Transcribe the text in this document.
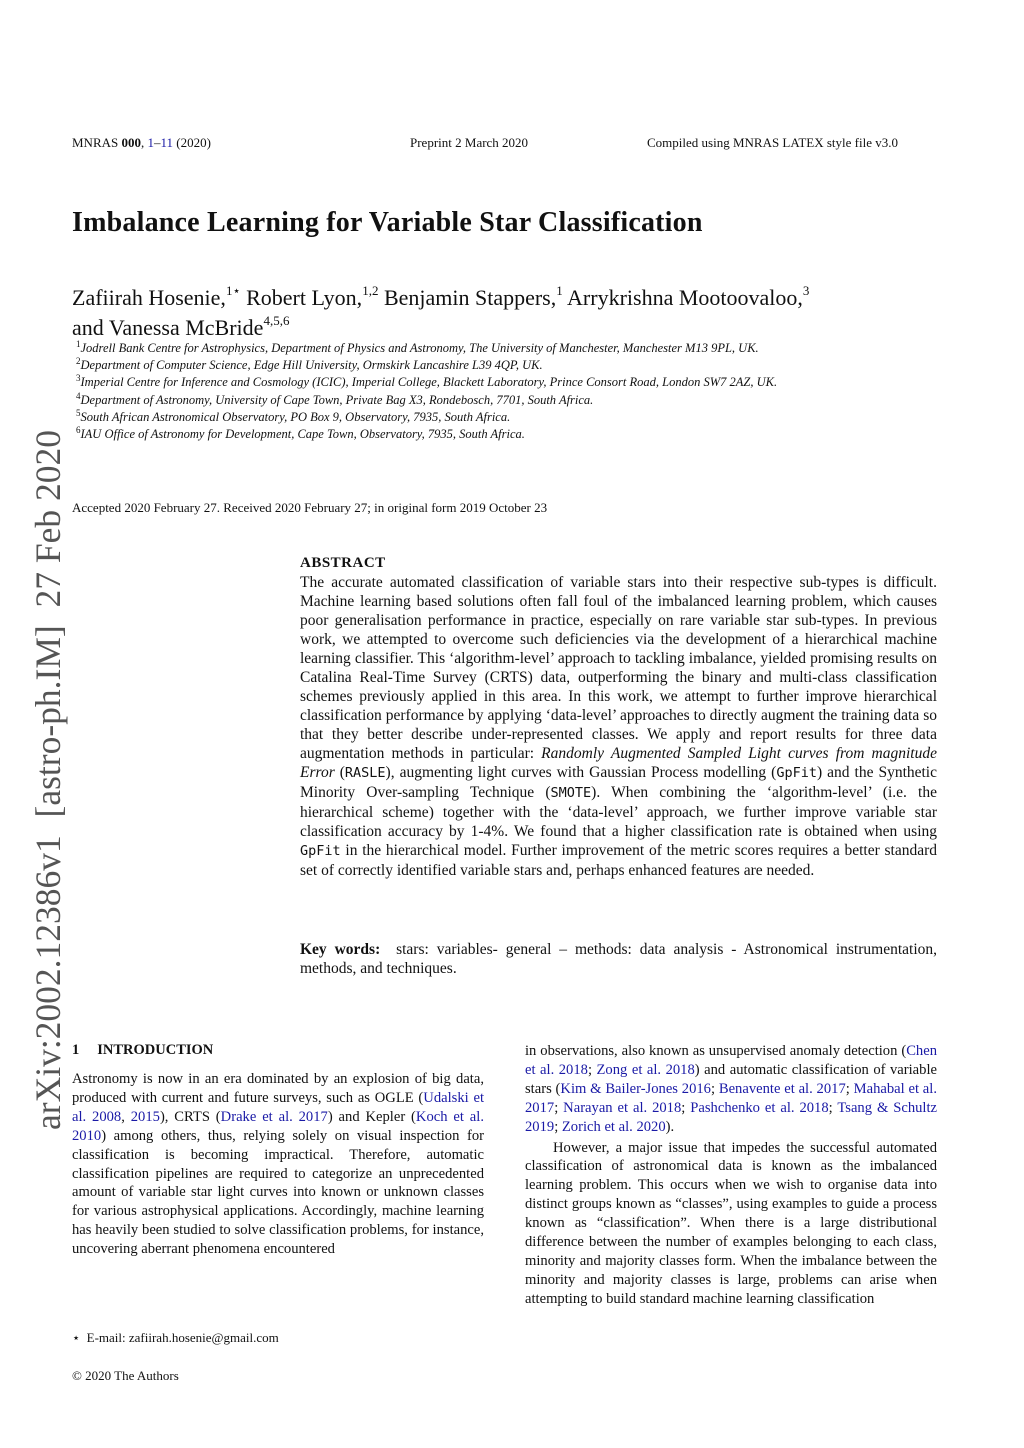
MNRAS 000, 1–11 (2020)	Preprint 2 March 2020	Compiled using MNRAS LATEX style file v3.0
Imbalance Learning for Variable Star Classification
Zafiirah Hosenie,$^{1⋆}$ Robert Lyon,$^{1,2}$ Benjamin Stappers,$^1$ Arrykrishna Mootoovaloo,$^3$
and Vanessa McBride$^{4,5,6}$
$^1$Jodrell Bank Centre for Astrophysics, Department of Physics and Astronomy, The University of Manchester, Manchester M13 9PL, UK.
$^2$Department of Computer Science, Edge Hill University, Ormskirk Lancashire L39 4QP, UK.
$^3$Imperial Centre for Inference and Cosmology (ICIC), Imperial College, Blackett Laboratory, Prince Consort Road, London SW7 2AZ, UK.
$^4$Department of Astronomy, University of Cape Town, Private Bag X3, Rondebosch, 7701, South Africa.
$^5$South African Astronomical Observatory, PO Box 9, Observatory, 7935, South Africa.
$^6$IAU Office of Astronomy for Development, Cape Town, Observatory, 7935, South Africa.
arXiv:2002.12386v1  [astro-ph.IM]  27 Feb 2020 Accepted 2020 February 27. Received 2020 February 27; in original form 2019 October 23
ABSTRACT
The accurate automated classification of variable stars into their respective sub-types is difficult. Machine learning based solutions often fall foul of the imbalanced learning problem, which causes poor generalisation performance in practice, especially on rare variable star sub-types. In previous work, we attempted to overcome such deficiencies via the development of a hierarchical machine learning classifier. This ‘algorithm-level’ approach to tackling imbalance, yielded promising results on Catalina Real-Time Survey (CRTS) data, outperforming the binary and multi-class classification schemes previously applied in this area. In this work, we attempt to further improve hierarchical classification performance by applying ‘data-level’ approaches to directly augment the training data so that they better describe under-represented classes. We apply and report results for three data augmentation methods in particular: Randomly Augmented Sampled Light curves from magnitude Error (RASLE), augmenting light curves with Gaussian Process modelling (GpFit) and the Synthetic Minority Over-sampling Technique (SMOTE). When combining the ‘algorithm-level’ (i.e. the hierarchical scheme) together with the ‘data-level’ approach, we further improve variable star classification accuracy by 1-4%. We found that a higher classification rate is obtained when using GpFit in the hierarchical model. Further improvement of the metric scores requires a better standard set of correctly identified variable stars and, perhaps enhanced features are needed.
Key words: stars: variables- general – methods: data analysis - Astronomical instrumentation, methods, and techniques.
1 INTRODUCTION
Astronomy is now in an era dominated by an explosion of big data, produced with current and future surveys, such as OGLE (Udalski et al. 2008, 2015), CRTS (Drake et al. 2017) and Kepler (Koch et al. 2010) among others, thus, relying solely on visual inspection for classification is becoming impractical. Therefore, automatic classification pipelines are required to categorize an unprecedented amount of variable star light curves into known or unknown classes for various astrophysical applications. Accordingly, machine learning has heavily been studied to solve classification problems, for instance, uncovering aberrant phenomena encountered

in observations, also known as unsupervised anomaly detection (Chen et al. 2018; Zong et al. 2018) and automatic classification of variable stars (Kim & Bailer-Jones 2016; Benavente et al. 2017; Mahabal et al. 2017; Narayan et al. 2018; Pashchenko et al. 2018; Tsang & Schultz 2019; Zorich et al. 2020).

However, a major issue that impedes the successful automated classification of astronomical data is known as the imbalanced learning problem. This occurs when we wish to organise data into distinct groups known as “classes”, using examples to guide a process known as “classification”. When there is a large distributional difference between the number of examples belonging to each class, minority and majority classes form. When the imbalance between the minority and majority classes is large, problems can arise when attempting to build standard machine learning classification

⋆ E-mail: zafiirah.hosenie@gmail.com
© 2020 The Authors
